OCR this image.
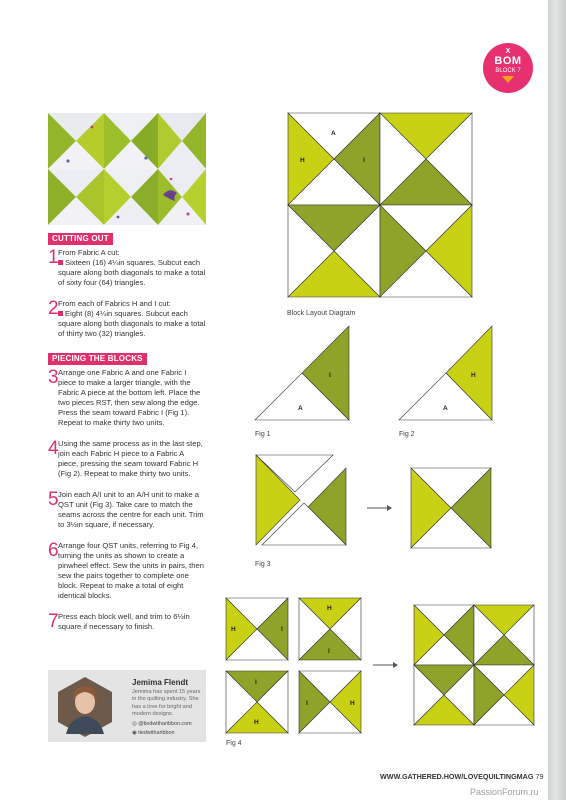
X
BOM
BLOCK 7
CUTTING OUT
1 From Fabric A cut:
Sixteen (16) 4¼in squares. Subcut each square along both diagonals to make a total of sixty four (64) triangles.
2 From each of Fabrics H and I cut:
Eight (8) 4¼in squares. Subcut each square along both diagonals to make a total of thirty two (32) triangles.
PIECING THE BLOCKS
3 Arrange one Fabric A and one Fabric I piece to make a larger triangle, with the Fabric A piece at the bottom left. Place the two pieces RST, then sew along the edge. Press the seam toward Fabric I (Fig 1). Repeat to make thirty two units.
4 Using the same process as in the last step, join each Fabric H piece to a Fabric A piece, pressing the seam toward Fabric H (Fig 2). Repeat to make thirty two units.
5 Join each A/I unit to an A/H unit to make a QST unit (Fig 3). Take care to match the seams across the centre for each unit. Trim to 3½in square, if necessary.
6 Arrange four QST units, referring to Fig 4, turning the units as shown to create a pinwheel effect. Sew the units in pairs, then sew the pairs together to complete one block. Repeat to make a total of eight identical blocks.
7 Press each block well, and trim to 6½in square if necessary to finish.
Jemima Flendt
Jemima has spent 15 years in the quilting industry. She has a love for bright and modern designs.
◎ @tiedwitharibbon.com
◉ tiedwitharibbon
A
H	I
A
I
A
H
H	I
H
I
I
H
I	H
Block Layout Diagram
Fig 1	Fig 2
Fig 3
Fig 4
WWW.GATHERED.HOW/LOVEQUILTINGMAG 79
PassionForum.ru
